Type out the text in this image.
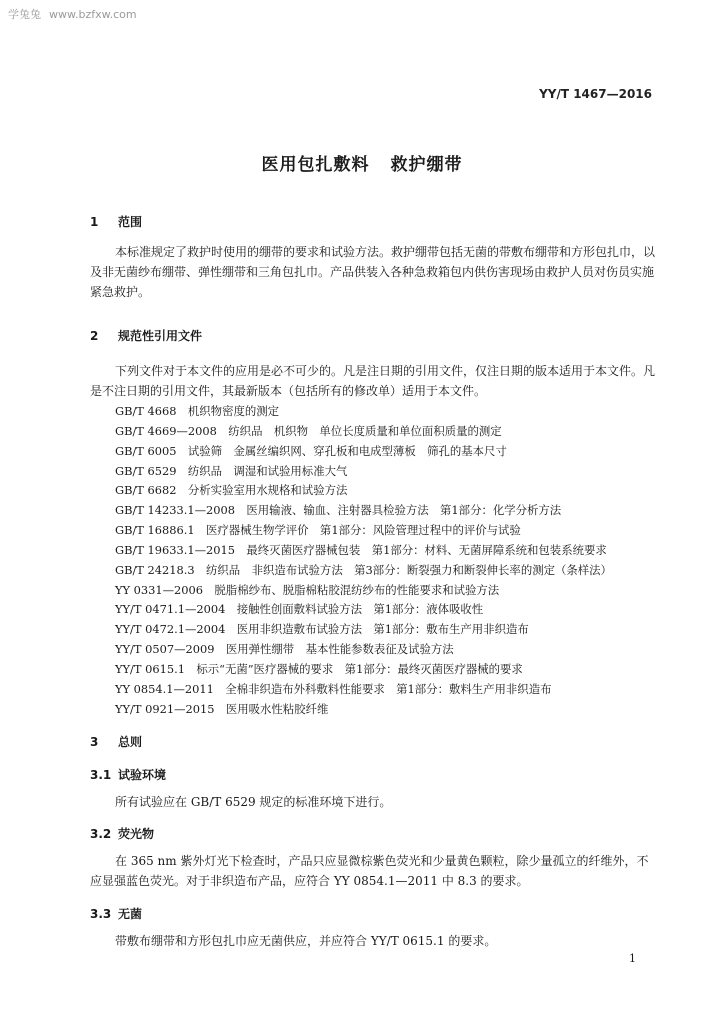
学兔兔 www.bzfxw.com
YY/T 1467—2016
医用包扎敷料 救护绷带
1 范围
本标准规定了救护时使用的绷带的要求和试验方法。救护绷带包括无菌的带敷布绷带和方形包扎巾，以及非无菌纱布绷带、弹性绷带和三角包扎巾。产品供装入各种急救箱包内供伤害现场由救护人员对伤员实施紧急救护。
2 规范性引用文件
下列文件对于本文件的应用是必不可少的。凡是注日期的引用文件，仅注日期的版本适用于本文件。凡是不注日期的引用文件，其最新版本（包括所有的修改单）适用于本文件。
GB/T 4668　机织物密度的测定
GB/T 4669—2008　纺织品　机织物　单位长度质量和单位面积质量的测定
GB/T 6005　试验筛　金属丝编织网、穿孔板和电成型薄板　筛孔的基本尺寸
GB/T 6529　纺织品　调湿和试验用标准大气
GB/T 6682　分析实验室用水规格和试验方法
GB/T 14233.1—2008　医用输液、输血、注射器具检验方法　第1部分：化学分析方法
GB/T 16886.1　医疗器械生物学评价　第1部分：风险管理过程中的评价与试验
GB/T 19633.1—2015　最终灭菌医疗器械包装　第1部分：材料、无菌屏障系统和包装系统要求
GB/T 24218.3　纺织品　非织造布试验方法　第3部分：断裂强力和断裂伸长率的测定（条样法）
YY 0331—2006　脱脂棉纱布、脱脂棉粘胶混纺纱布的性能要求和试验方法
YY/T 0471.1—2004　接触性创面敷料试验方法　第1部分：液体吸收性
YY/T 0472.1—2004　医用非织造敷布试验方法　第1部分：敷布生产用非织造布
YY/T 0507—2009　医用弹性绷带　基本性能参数表征及试验方法
YY/T 0615.1　标示“无菌”医疗器械的要求　第1部分：最终灭菌医疗器械的要求
YY 0854.1—2011　全棉非织造布外科敷料性能要求　第1部分：敷料生产用非织造布
YY/T 0921—2015　医用吸水性粘胶纤维
3 总则
3.1 试验环境
所有试验应在 GB/T 6529 规定的标准环境下进行。
3.2 荧光物
在 365 nm 紫外灯光下检查时，产品只应显微棕紫色荧光和少量黄色颗粒，除少量孤立的纤维外，不应显强蓝色荧光。对于非织造布产品，应符合 YY 0854.1—2011 中 8.3 的要求。
3.3 无菌
带敷布绷带和方形包扎巾应无菌供应，并应符合 YY/T 0615.1 的要求。
1
